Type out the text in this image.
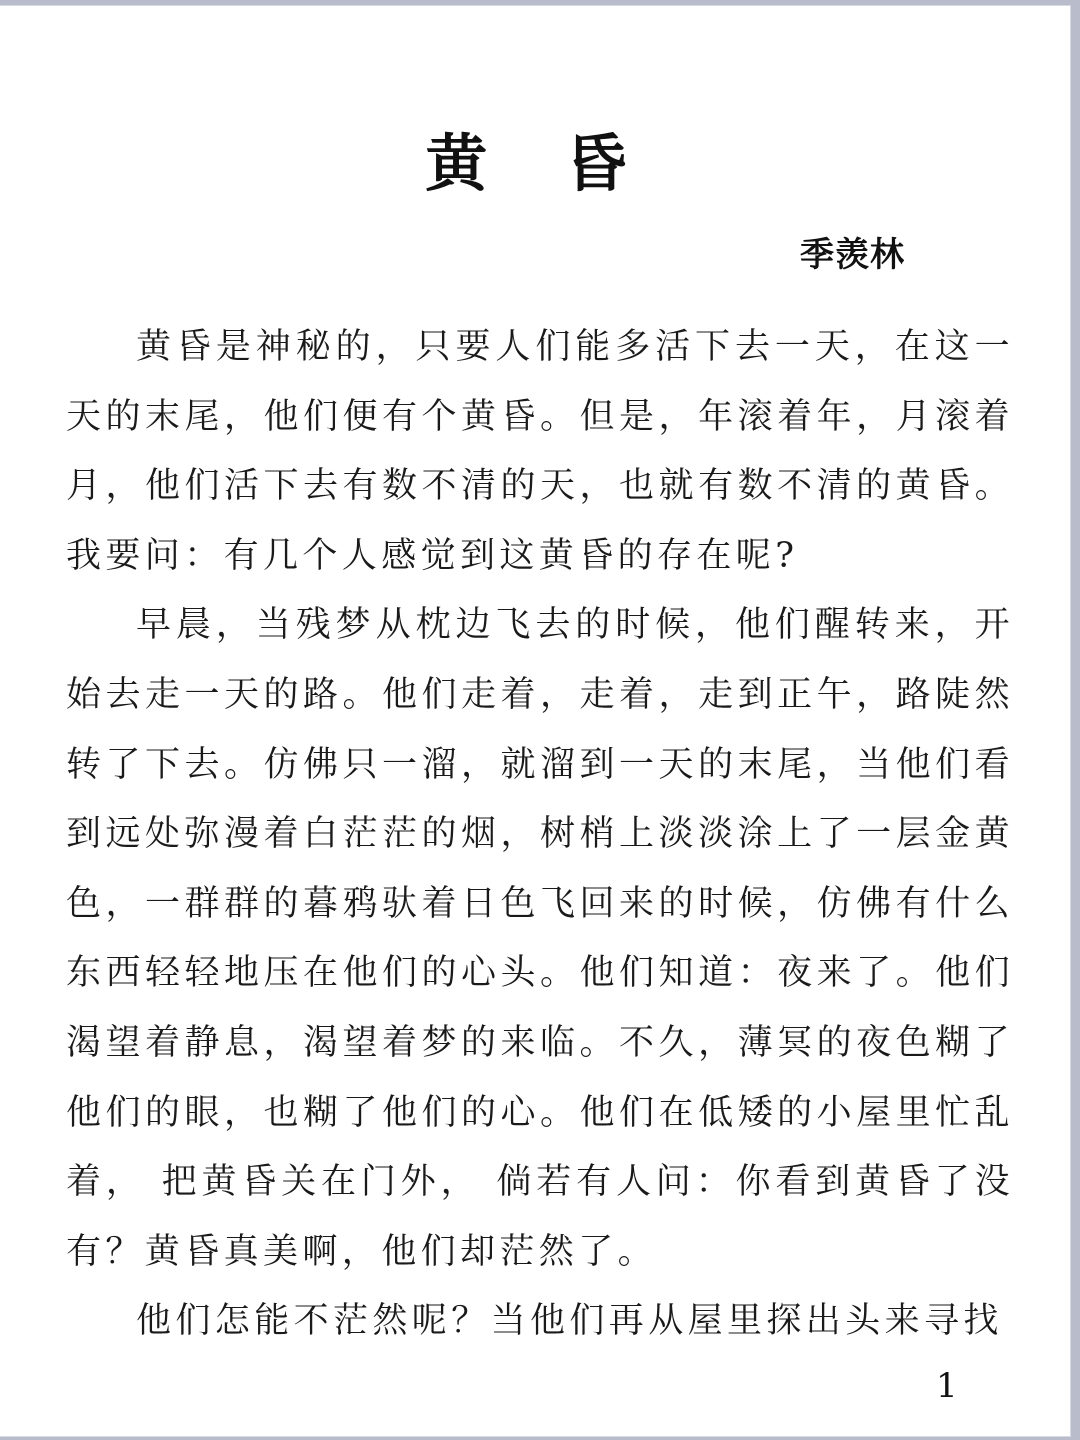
黄 昏
季羡林

黄昏是神秘的，只要人们能多活下去一天，在这一天的末尾，他们便有个黄昏。但是，年滚着年，月滚着月，他们活下去有数不清的天，也就有数不清的黄昏。我要问：有几个人感觉到这黄昏的存在呢?

早晨，当残梦从枕边飞去的时候，他们醒转来，开始去走一天的路。他们走着，走着，走到正午，路陡然转了下去。仿佛只一溜，就溜到一天的末尾，当他们看到远处弥漫着白茫茫的烟，树梢上淡淡涂上了一层金黄色，一群群的暮鸦驮着日色飞回来的时候，仿佛有什么东西轻轻地压在他们的心头。他们知道：夜来了。他们渴望着静息，渴望着梦的来临。不久，薄冥的夜色糊了他们的眼，也糊了他们的心。他们在低矮的小屋里忙乱着， 把黄昏关在门外， 倘若有人问：你看到黄昏了没有？黄昏真美啊，他们却茫然了。

他们怎能不茫然呢？当他们再从屋里探出头来寻找

1
